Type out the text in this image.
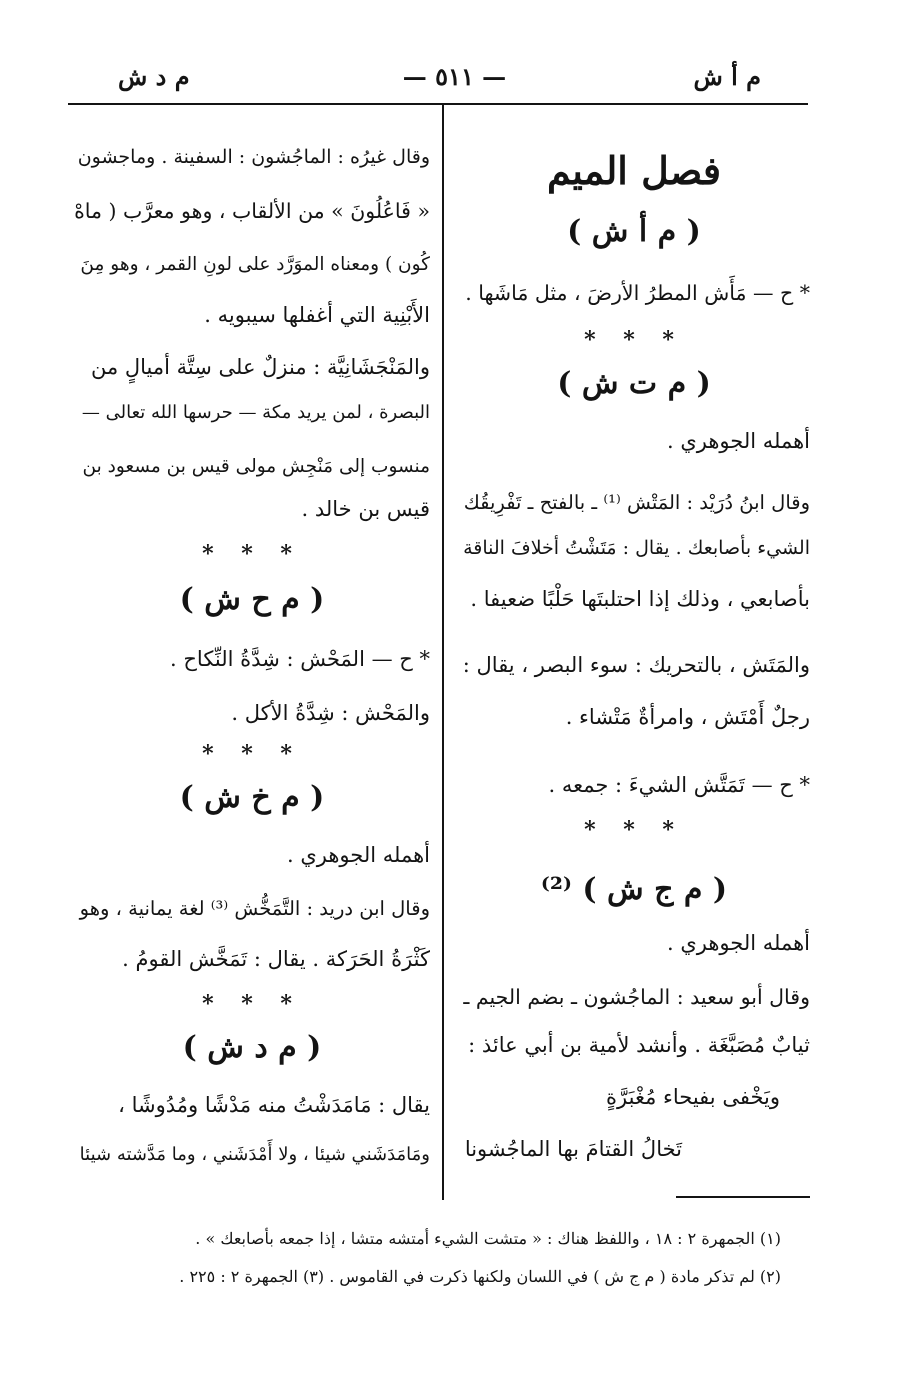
م أ ش
— ٥١١ —
م د ش
فصل الميم
( م أ ش )
* ح — مَأَش المطرُ الأرضَ ، مثل مَاشَها .
* * *
( م ت ش )
أهمله الجوهري .
وقال ابنُ دُرَيْد : المَتْش ⁽¹⁾ ـ بالفتح ـ تَفْرِيقُك
الشيء بأصابعك . يقال : مَتَشْتُ أخلافَ الناقة
بأصابعي ، وذلك إذا احتلبتَها حَلْبًا ضعيفا .
والمَتَش ، بالتحريك : سوء البصر ، يقال :
رجلٌ أَمْتَش ، وامرأةٌ مَتْشاء .
* ح — تَمَتَّش الشيءَ : جمعه .
* * *
( م ج ش ) ⁽²⁾
أهمله الجوهري .
وقال أبو سعيد : الماجُشون ـ بضم الجيم ـ
ثيابٌ مُصَبَّغَة . وأنشد لأمية بن أبي عائذ :
ويَخْفى بفيحاء مُغْبَرَّةٍ
تَخالُ القتامَ بها الماجُشونا
وقال غيرُه : الماجُشون : السفينة . وماجشون
« فَاعُلُونَ » من الألقاب ، وهو معرَّب ( ماهْ
كُون ) ومعناه الموَرَّد على لونِ القمر ، وهو مِنَ
الأَبْنِية التي أغفلها سيبويه .
والمَنْجَشَانِيَّة : منزلٌ على سِتَّة أميالٍ من
البصرة ، لمن يريد مكة — حرسها الله تعالى —
منسوب إلى مَنْجِش مولى قيس بن مسعود بن
قيس بن خالد .
* * *
( م ح ش )
* ح — المَحْش : شِدَّةُ النِّكاح .
والمَحْش : شِدَّةُ الأكل .
* * *
( م خ ش )
أهمله الجوهري .
وقال ابن دريد : التَّمَخُّش ⁽³⁾ لغة يمانية ، وهو
كَثْرَةُ الحَرَكة . يقال : تَمَخَّش القومُ .
* * *
( م د ش )
يقال : مَامَدَشْتُ منه مَدْشًا ومُدُوشًا ،
ومَامَدَشَني شيئا ، ولا أَمْدَشَني ، وما مَدَّشته شيئا
(١) الجمهرة ٢ : ١٨ ، واللفظ هناك : « متشت الشيء أمتشه متشا ، إذا جمعه بأصابعك » .
(٢) لم تذكر مادة ( م ج ش ) في اللسان ولكنها ذكرت في القاموس . (٣) الجمهرة ٢ : ٢٢٥ .
